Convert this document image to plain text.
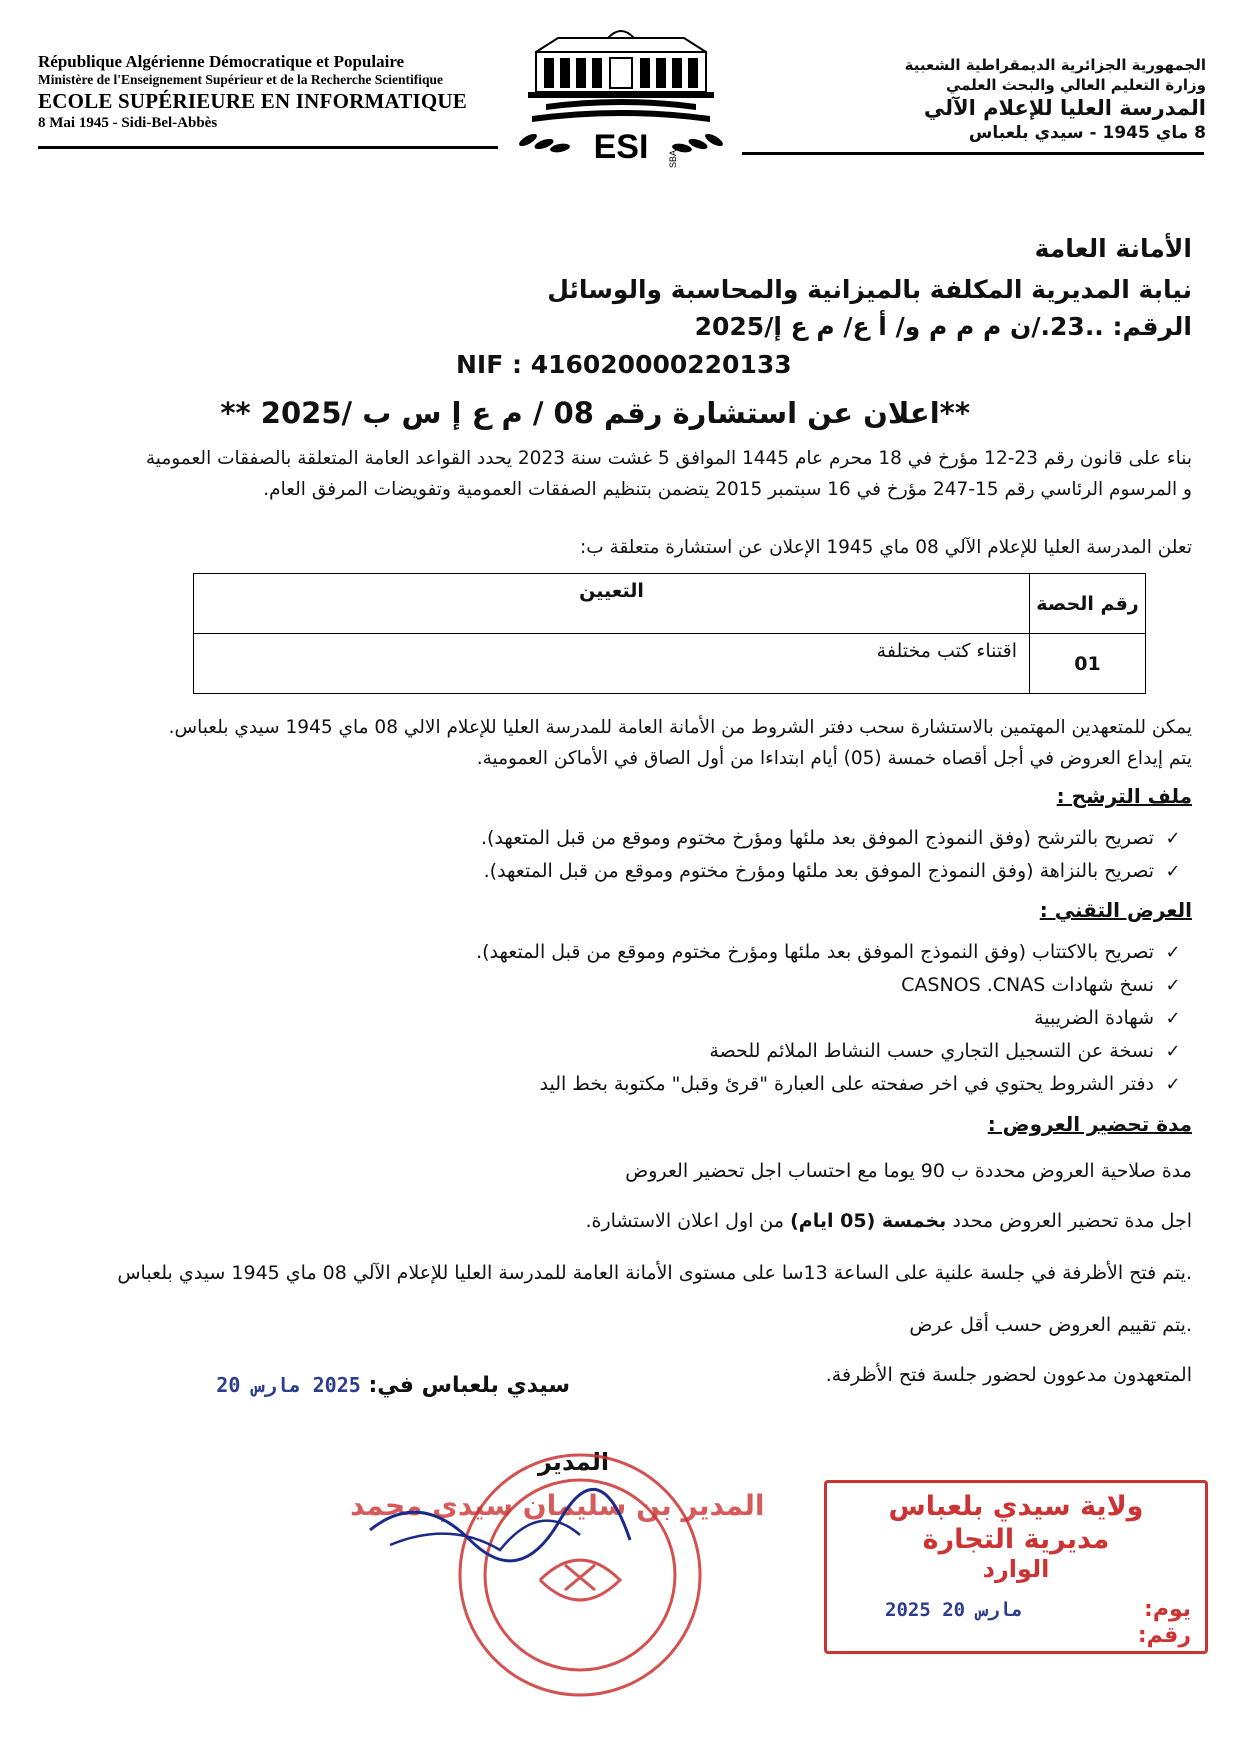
République Algérienne Démocratique et Populaire
Ministère de l'Enseignement Supérieur et de la Recherche Scientifique
ECOLE SUPÉRIEURE EN INFORMATIQUE
8 Mai 1945 - Sidi-Bel-Abbès
ESI SBA
الجمهورية الجزائرية الديمقراطية الشعبية
وزارة التعليم العالي والبحث العلمي
المدرسة العليا للإعلام الآلي
8 ماي 1945 - سيدي بلعباس
الأمانة العامة
نيابة المديرية المكلفة بالميزانية والمحاسبة والوسائل
الرقم: ..23./ن م م م و/ أ ع/ م ع إ/2025
NIF : 416020000220133
**اعلان عن استشارة رقم 08 / م ع إ س ب /2025 **
بناء على قانون رقم 23-12 مؤرخ في 18 محرم عام 1445 الموافق 5 غشت سنة 2023 يحدد القواعد العامة المتعلقة بالصفقات العمومية
و المرسوم الرئاسي رقم 15-247 مؤرخ في 16 سبتمبر 2015 يتضمن بتنظيم الصفقات العمومية وتفويضات المرفق العام.
تعلن المدرسة العليا للإعلام الآلي 08 ماي 1945 الإعلان عن استشارة متعلقة ب:
رقم الحصة	التعيين
01	اقتناء كتب مختلفة
يمكن للمتعهدين المهتمين بالاستشارة سحب دفتر الشروط من الأمانة العامة للمدرسة العليا للإعلام الالي 08 ماي 1945 سيدي بلعباس.
يتم إيداع العروض في أجل أقصاه خمسة (05) أيام ابتداءا من أول الصاق في الأماكن العمومية.
ملف الترشح :
✓تصريح بالترشح (وفق النموذج الموفق بعد ملئها ومؤرخ مختوم وموقع من قبل المتعهد).
✓تصريح بالنزاهة (وفق النموذج الموفق بعد ملئها ومؤرخ مختوم وموقع من قبل المتعهد).
العرض التقني :
✓تصريح بالاكتتاب (وفق النموذج الموفق بعد ملئها ومؤرخ مختوم وموقع من قبل المتعهد).
✓نسخ شهادات CASNOS .CNAS
✓شهادة الضريبية
✓نسخة عن التسجيل التجاري حسب النشاط الملائم للحصة
✓دفتر الشروط يحتوي في اخر صفحته على العبارة "قرئ وقبل" مكتوبة بخط اليد
مدة تحضير العروض :
مدة صلاحية العروض محددة ب 90 يوما مع احتساب اجل تحضير العروض
اجل مدة تحضير العروض محدد بخمسة (05 ايام) من اول اعلان الاستشارة.
.يتم فتح الأظرفة في جلسة علنية على الساعة 13سا على مستوى الأمانة العامة للمدرسة العليا للإعلام الآلي 08 ماي 1945 سيدي بلعباس
.يتم تقييم العروض حسب أقل عرض
المتعهدون مدعوون لحضور جلسة فتح الأظرفة.
سيدي بلعباس في: 2025 مارس 20
المدير
المدير بن سليمان سيدي محمد	ولاية سيدي بلعباس
مديرية التجارة
الوارد
يوم:
رقم:
2025 مارس 20
